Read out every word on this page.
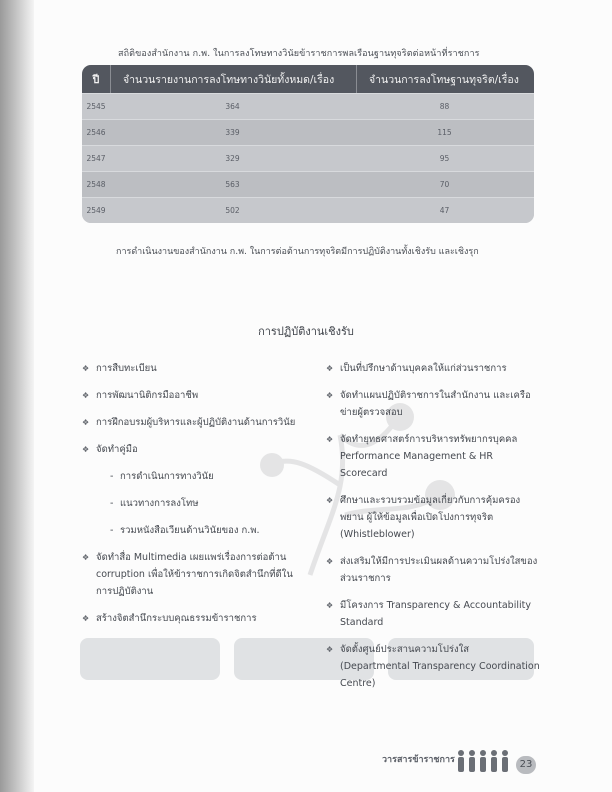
สถิติของสำนักงาน ก.พ. ในการลงโทษทางวินัยข้าราชการพลเรือนฐานทุจริตต่อหน้าที่ราชการ
ปี	จำนวนรายงานการลงโทษทางวินัยทั้งหมด/เรื่อง	จำนวนการลงโทษฐานทุจริต/เรื่อง
2545	364	88
2546	339	115
2547	329	95
2548	563	70
2549	502	47
การดำเนินงานของสำนักงาน ก.พ. ในการต่อต้านการทุจริตมีการปฏิบัติงานทั้งเชิงรับ และเชิงรุก
การปฏิบัติงานเชิงรับ
❖ การสืบทะเบียน
❖ การพัฒนานิติกรมืออาชีพ
❖ การฝึกอบรมผู้บริหารและผู้ปฏิบัติงานด้านการวินัย
❖ จัดทำคู่มือ
- การดำเนินการทางวินัย
- แนวทางการลงโทษ
- รวมหนังสือเวียนด้านวินัยของ ก.พ.
❖ จัดทำสื่อ Multimedia เผยแพร่เรื่องการต่อต้าน corruption เพื่อให้ข้าราชการเกิดจิตสำนึกที่ดีในการปฏิบัติงาน
❖ สร้างจิตสำนึกระบบคุณธรรมข้าราชการ
❖ เป็นที่ปรึกษาด้านบุคคลให้แก่ส่วนราชการ
❖ จัดทำแผนปฏิบัติราชการในสำนักงาน และเครือข่ายผู้ตรวจสอบ
❖ จัดทำยุทธศาสตร์การบริหารทรัพยากรบุคคล Performance Management & HR Scorecard
❖ ศึกษาและรวบรวมข้อมูลเกี่ยวกับการคุ้มครองพยาน ผู้ให้ข้อมูลเพื่อเปิดโปงการทุจริต (Whistleblower)
❖ ส่งเสริมให้มีการประเมินผลด้านความโปร่งใสของส่วนราชการ
❖ มีโครงการ Transparency & Accountability Standard
❖ จัดตั้งศูนย์ประสานความโปร่งใส (Departmental Transparency Coordination Centre)
วารสารข้าราชการ	23
